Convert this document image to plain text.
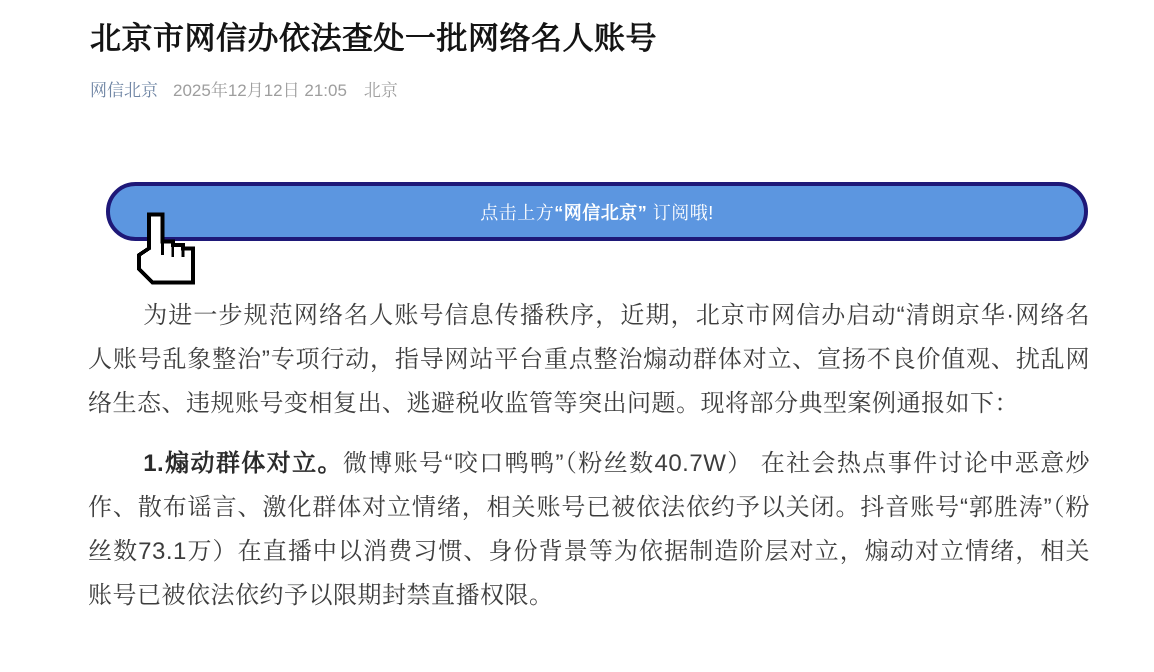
北京市网信办依法查处一批网络名人账号
网信北京 2025年12月12日 21:05 北京
点击上方“网信北京” 订阅哦!

为进一步规范网络名人账号信息传播秩序，近期，北京市网信办启动“清朗京华·网络名人账号乱象整治”专项行动，指导网站平台重点整治煽动群体对立、宣扬不良价值观、扰乱网络生态、违规账号变相复出、逃避税收监管等突出问题。现将部分典型案例通报如下：

1.煽动群体对立。微博账号“咬口鸭鸭”（粉丝数40.7W） 在社会热点事件讨论中恶意炒作、散布谣言、激化群体对立情绪，相关账号已被依法依约予以关闭。抖音账号“郭胜涛”（粉丝数73.1万）在直播中以消费习惯、身份背景等为依据制造阶层对立，煽动对立情绪，相关账号已被依法依约予以限期封禁直播权限。
